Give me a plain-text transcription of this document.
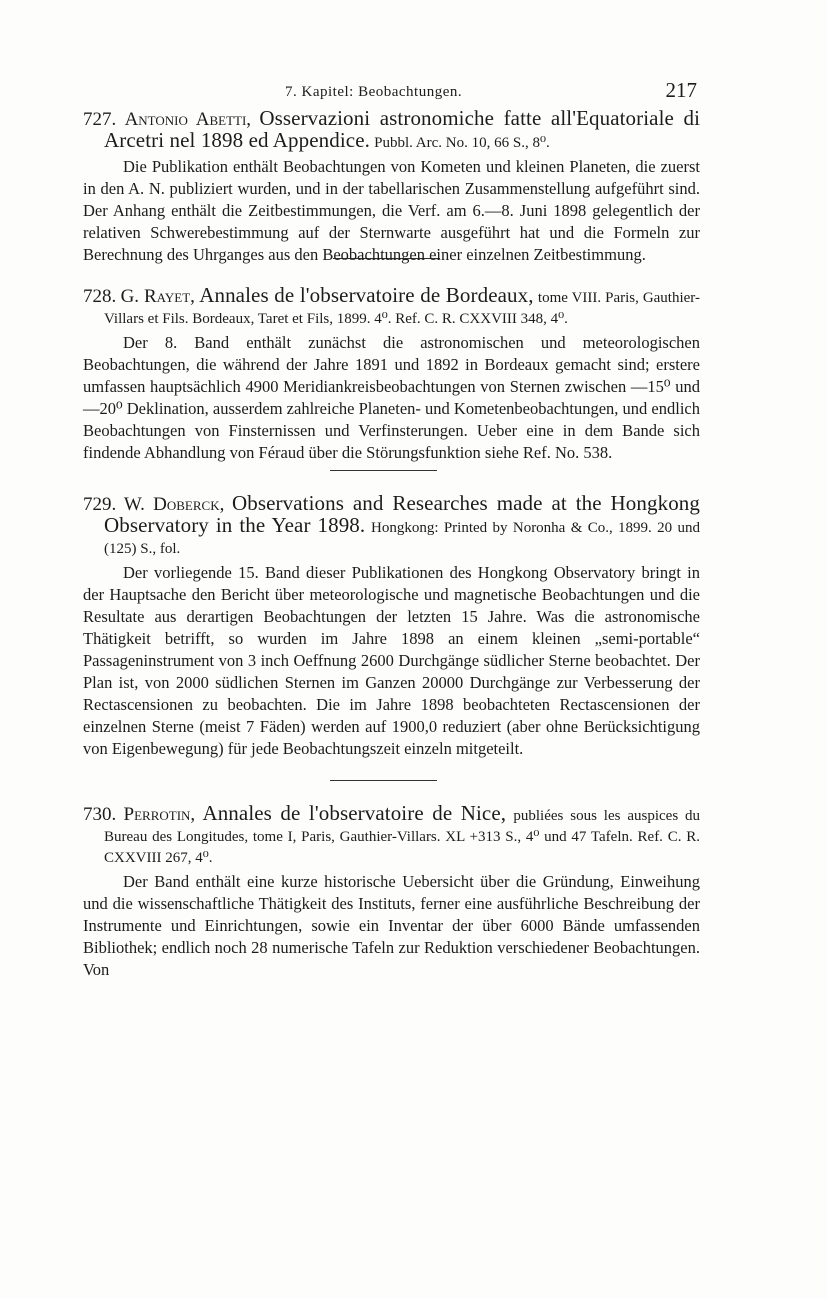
7. Kapitel: Beobachtungen.	217
727. Antonio Abetti, Osservazioni astronomiche fatte all'Equatoriale di Arcetri nel 1898 ed Appendice. Pubbl. Arc. No. 10, 66 S., 8⁰.

Die Publikation enthält Beobachtungen von Kometen und kleinen Planeten, die zuerst in den A. N. publiziert wurden, und in der tabellarischen Zusammenstellung aufgeführt sind. Der Anhang enthält die Zeitbestimmungen, die Verf. am 6.—8. Juni 1898 gelegentlich der relativen Schwerebestimmung auf der Sternwarte ausgeführt hat und die Formeln zur Berechnung des Uhrganges aus den Beobachtungen einer einzelnen Zeitbestimmung.

728. G. Rayet, Annales de l'observatoire de Bordeaux, tome VIII. Paris, Gauthier-Villars et Fils. Bordeaux, Taret et Fils, 1899. 4⁰. Ref. C. R. CXXVIII 348, 4⁰.

Der 8. Band enthält zunächst die astronomischen und meteorologischen Beobachtungen, die während der Jahre 1891 und 1892 in Bordeaux gemacht sind; erstere umfassen hauptsächlich 4900 Meridiankreisbeobachtungen von Sternen zwischen —15⁰ und —20⁰ Deklination, ausserdem zahlreiche Planeten- und Kometenbeobachtungen, und endlich Beobachtungen von Finsternissen und Verfinsterungen. Ueber eine in dem Bande sich findende Abhandlung von Féraud über die Störungsfunktion siehe Ref. No. 538.

729. W. Doberck, Observations and Researches made at the Hongkong Observatory in the Year 1898. Hongkong: Printed by Noronha & Co., 1899. 20 und (125) S., fol.

Der vorliegende 15. Band dieser Publikationen des Hongkong Observatory bringt in der Hauptsache den Bericht über meteorologische und magnetische Beobachtungen und die Resultate aus derartigen Beobachtungen der letzten 15 Jahre. Was die astronomische Thätigkeit betrifft, so wurden im Jahre 1898 an einem kleinen „semi-portable“ Passageninstrument von 3 inch Oeffnung 2600 Durchgänge südlicher Sterne beobachtet. Der Plan ist, von 2000 südlichen Sternen im Ganzen 20000 Durchgänge zur Verbesserung der Rectascensionen zu beobachten. Die im Jahre 1898 beobachteten Rectascensionen der einzelnen Sterne (meist 7 Fäden) werden auf 1900,0 reduziert (aber ohne Berücksichtigung von Eigenbewegung) für jede Beobachtungszeit einzeln mitgeteilt.

730. Perrotin, Annales de l'observatoire de Nice, publiées sous les auspices du Bureau des Longitudes, tome I, Paris, Gauthier-Villars. XL +313 S., 4⁰ und 47 Tafeln. Ref. C. R. CXXVIII 267, 4⁰.

Der Band enthält eine kurze historische Uebersicht über die Gründung, Einweihung und die wissenschaftliche Thätigkeit des Instituts, ferner eine ausführliche Beschreibung der Instrumente und Einrichtungen, sowie ein Inventar der über 6000 Bände umfassenden Bibliothek; endlich noch 28 numerische Tafeln zur Reduktion verschiedener Beobachtungen. Von
